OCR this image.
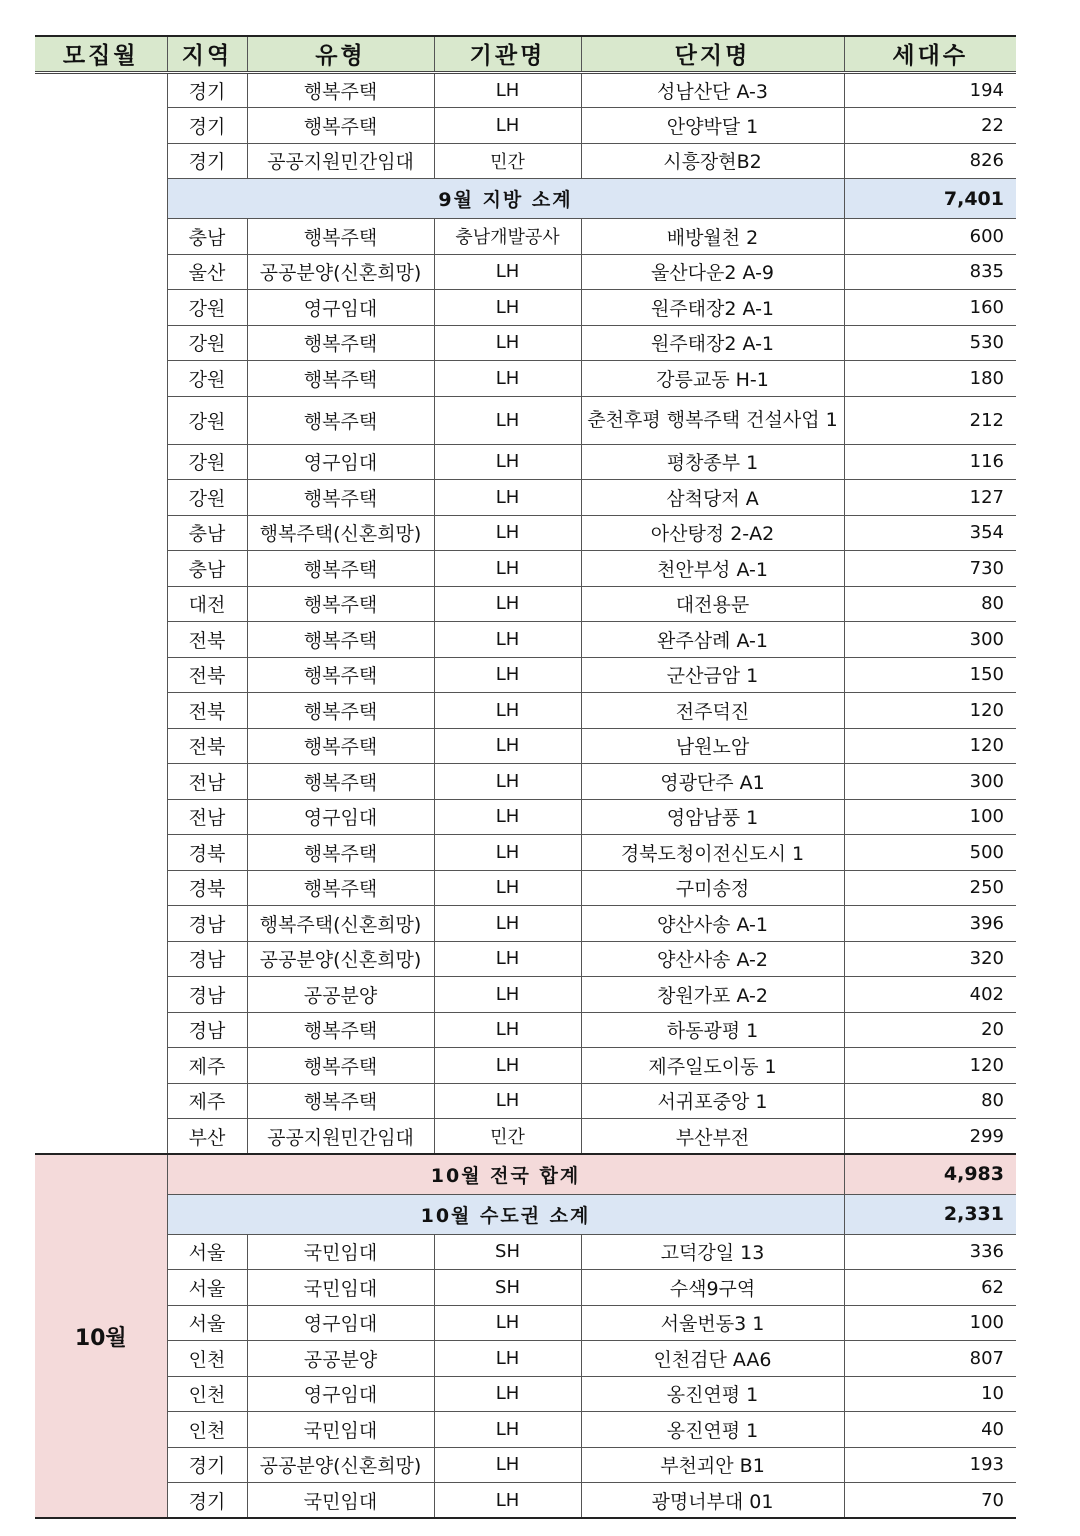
모집월	지역	유형	기관명	단지명	세대수
	경기	행복주택	LH	성남산단 A-3	194
	경기	행복주택	LH	안양박달 1	22
	경기	공공지원민간임대	민간	시흥장현B2	826
	9월 지방 소계				7,401
	충남	행복주택	충남개발공사	배방월천 2	600
	울산	공공분양(신혼희망)	LH	울산다운2 A-9	835
	강원	영구임대	LH	원주태장2 A-1	160
	강원	행복주택	LH	원주태장2 A-1	530
	강원	행복주택	LH	강릉교동 H-1	180
	강원	행복주택	LH	춘천후평 행복주택 건설사업 1	212
	강원	영구임대	LH	평창종부 1	116
	강원	행복주택	LH	삼척당저 A	127
	충남	행복주택(신혼희망)	LH	아산탕정 2-A2	354
	충남	행복주택	LH	천안부성 A-1	730
	대전	행복주택	LH	대전용문	80
	전북	행복주택	LH	완주삼례 A-1	300
	전북	행복주택	LH	군산금암 1	150
	전북	행복주택	LH	전주덕진	120
	전북	행복주택	LH	남원노암	120
	전남	행복주택	LH	영광단주 A1	300
	전남	영구임대	LH	영암남풍 1	100
	경북	행복주택	LH	경북도청이전신도시 1	500
	경북	행복주택	LH	구미송정	250
	경남	행복주택(신혼희망)	LH	양산사송 A-1	396
	경남	공공분양(신혼희망)	LH	양산사송 A-2	320
	경남	공공분양	LH	창원가포 A-2	402
	경남	행복주택	LH	하동광평 1	20
	제주	행복주택	LH	제주일도이동 1	120
	제주	행복주택	LH	서귀포중앙 1	80
	부산	공공지원민간임대	민간	부산부전	299
10월	10월 전국 합계				4,983
	10월 수도권 소계				2,331
	서울	국민임대	SH	고덕강일 13	336
	서울	국민임대	SH	수색9구역	62
	서울	영구임대	LH	서울번동3 1	100
	인천	공공분양	LH	인천검단 AA6	807
	인천	영구임대	LH	옹진연평 1	10
	인천	국민임대	LH	옹진연평 1	40
	경기	공공분양(신혼희망)	LH	부천괴안 B1	193
	경기	국민임대	LH	광명너부대 01	70
